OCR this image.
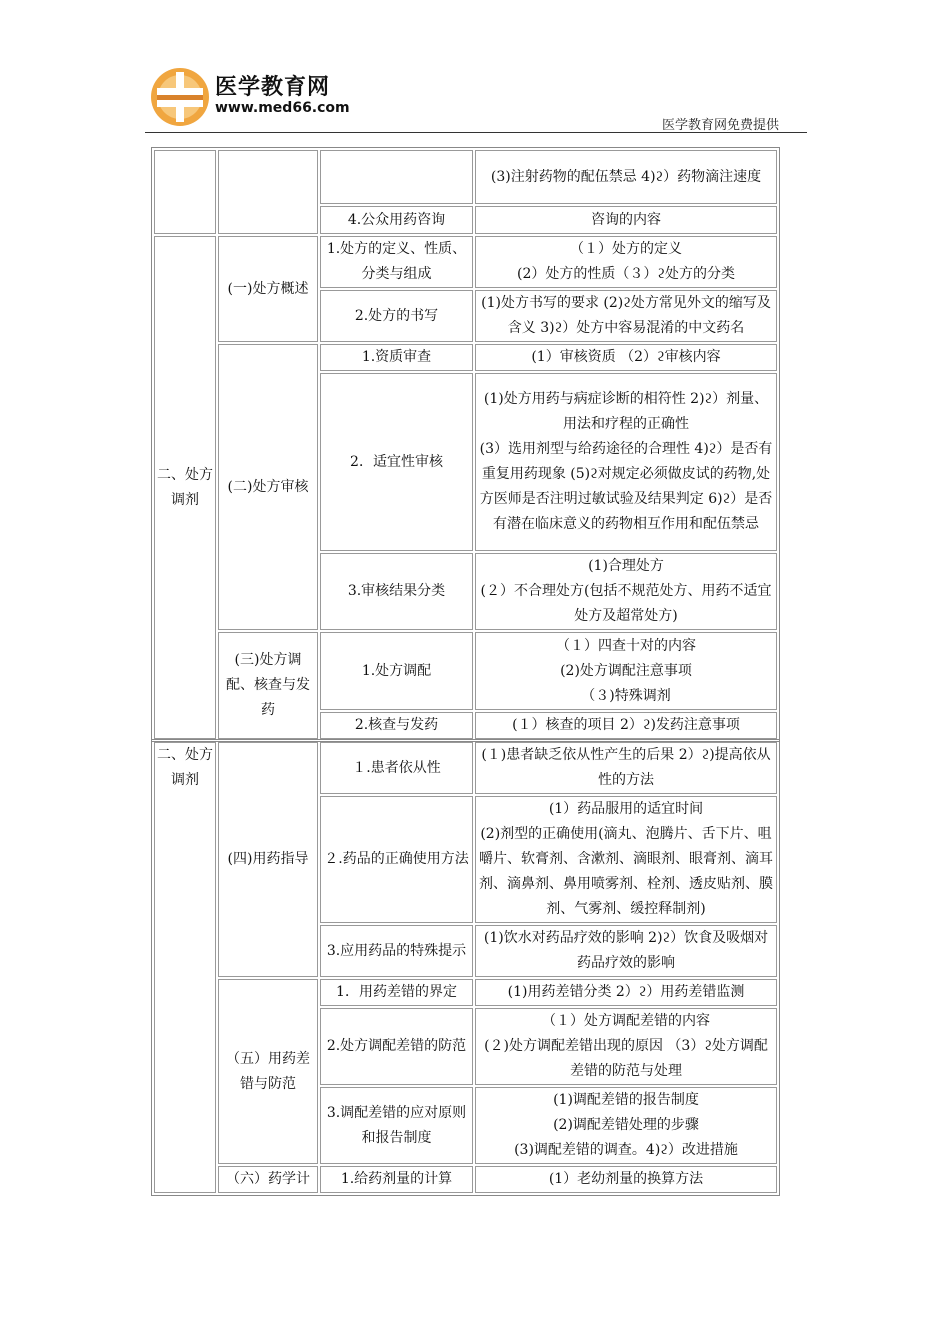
医学教育网
www.med66.com
医学教育网免费提供

			(3)注射药物的配伍禁忌 4)ϩ）药物滴注速度

		4.公众用药咨询	咨询的内容

二、处方调剂	(一)处方概述	1.处方的定义、性质、分类与组成	（１）处方的定义
(2）处方的性质（３）ϩ处方的分类

		2.处方的书写	(1)处方书写的要求 (2)ϩ处方常见外文的缩写及含义 3)ϩ）处方中容易混淆的中文药名

	(二)处方审核	1.资质审查	(1）审核资质 （2）ϩ审核内容

		2．适宜性审核	(1)处方用药与病症诊断的相符性 2)ϩ）剂量、用法和疗程的正确性
(3）选用剂型与给药途径的合理性 4)ϩ）是否有重复用药现象 (5)ϩ对规定必须做皮试的药物,处方医师是否注明过敏试验及结果判定 6)ϩ）是否有潜在临床意义的药物相互作用和配伍禁忌

		3.审核结果分类	(1)合理处方
(２）不合理处方(包括不规范处方、用药不适宜处方及超常处方)

	(三)处方调配、核查与发药	1.处方调配	（１）四查十对的内容
(2)处方调配注意事项
（３)特殊调剂

		2.核查与发药	(１）核查的项目 2）ϩ)发药注意事项
二、处方调剂	(四)用药指导	１.患者依从性	(１)患者缺乏依从性产生的后果 2）ϩ)提高依从性的方法

		２.药品的正确使用方法	(1）药品服用的适宜时间
(2)剂型的正确使用(滴丸、泡腾片、舌下片、咀嚼片、软膏剂、含漱剂、滴眼剂、眼膏剂、滴耳剂、滴鼻剂、鼻用喷雾剂、栓剂、透皮贴剂、膜剂、气雾剂、缓控释制剂)

		3.应用药品的特殊提示	(1)饮水对药品疗效的影响 2)ϩ）饮食及吸烟对药品疗效的影响

	（五）用药差错与防范	1．用药差错的界定	(1)用药差错分类 2）ϩ）用药差错监测

		2.处方调配差错的防范	（１）处方调配差错的内容
(２)处方调配差错出现的原因 （3）ϩ处方调配差错的防范与处理

		3.调配差错的应对原则和报告制度	(1)调配差错的报告制度
(2)调配差错处理的步骤
(3)调配差错的调查。4)ϩ）改进措施

	（六）药学计	1.给药剂量的计算	(1）老幼剂量的换算方法
